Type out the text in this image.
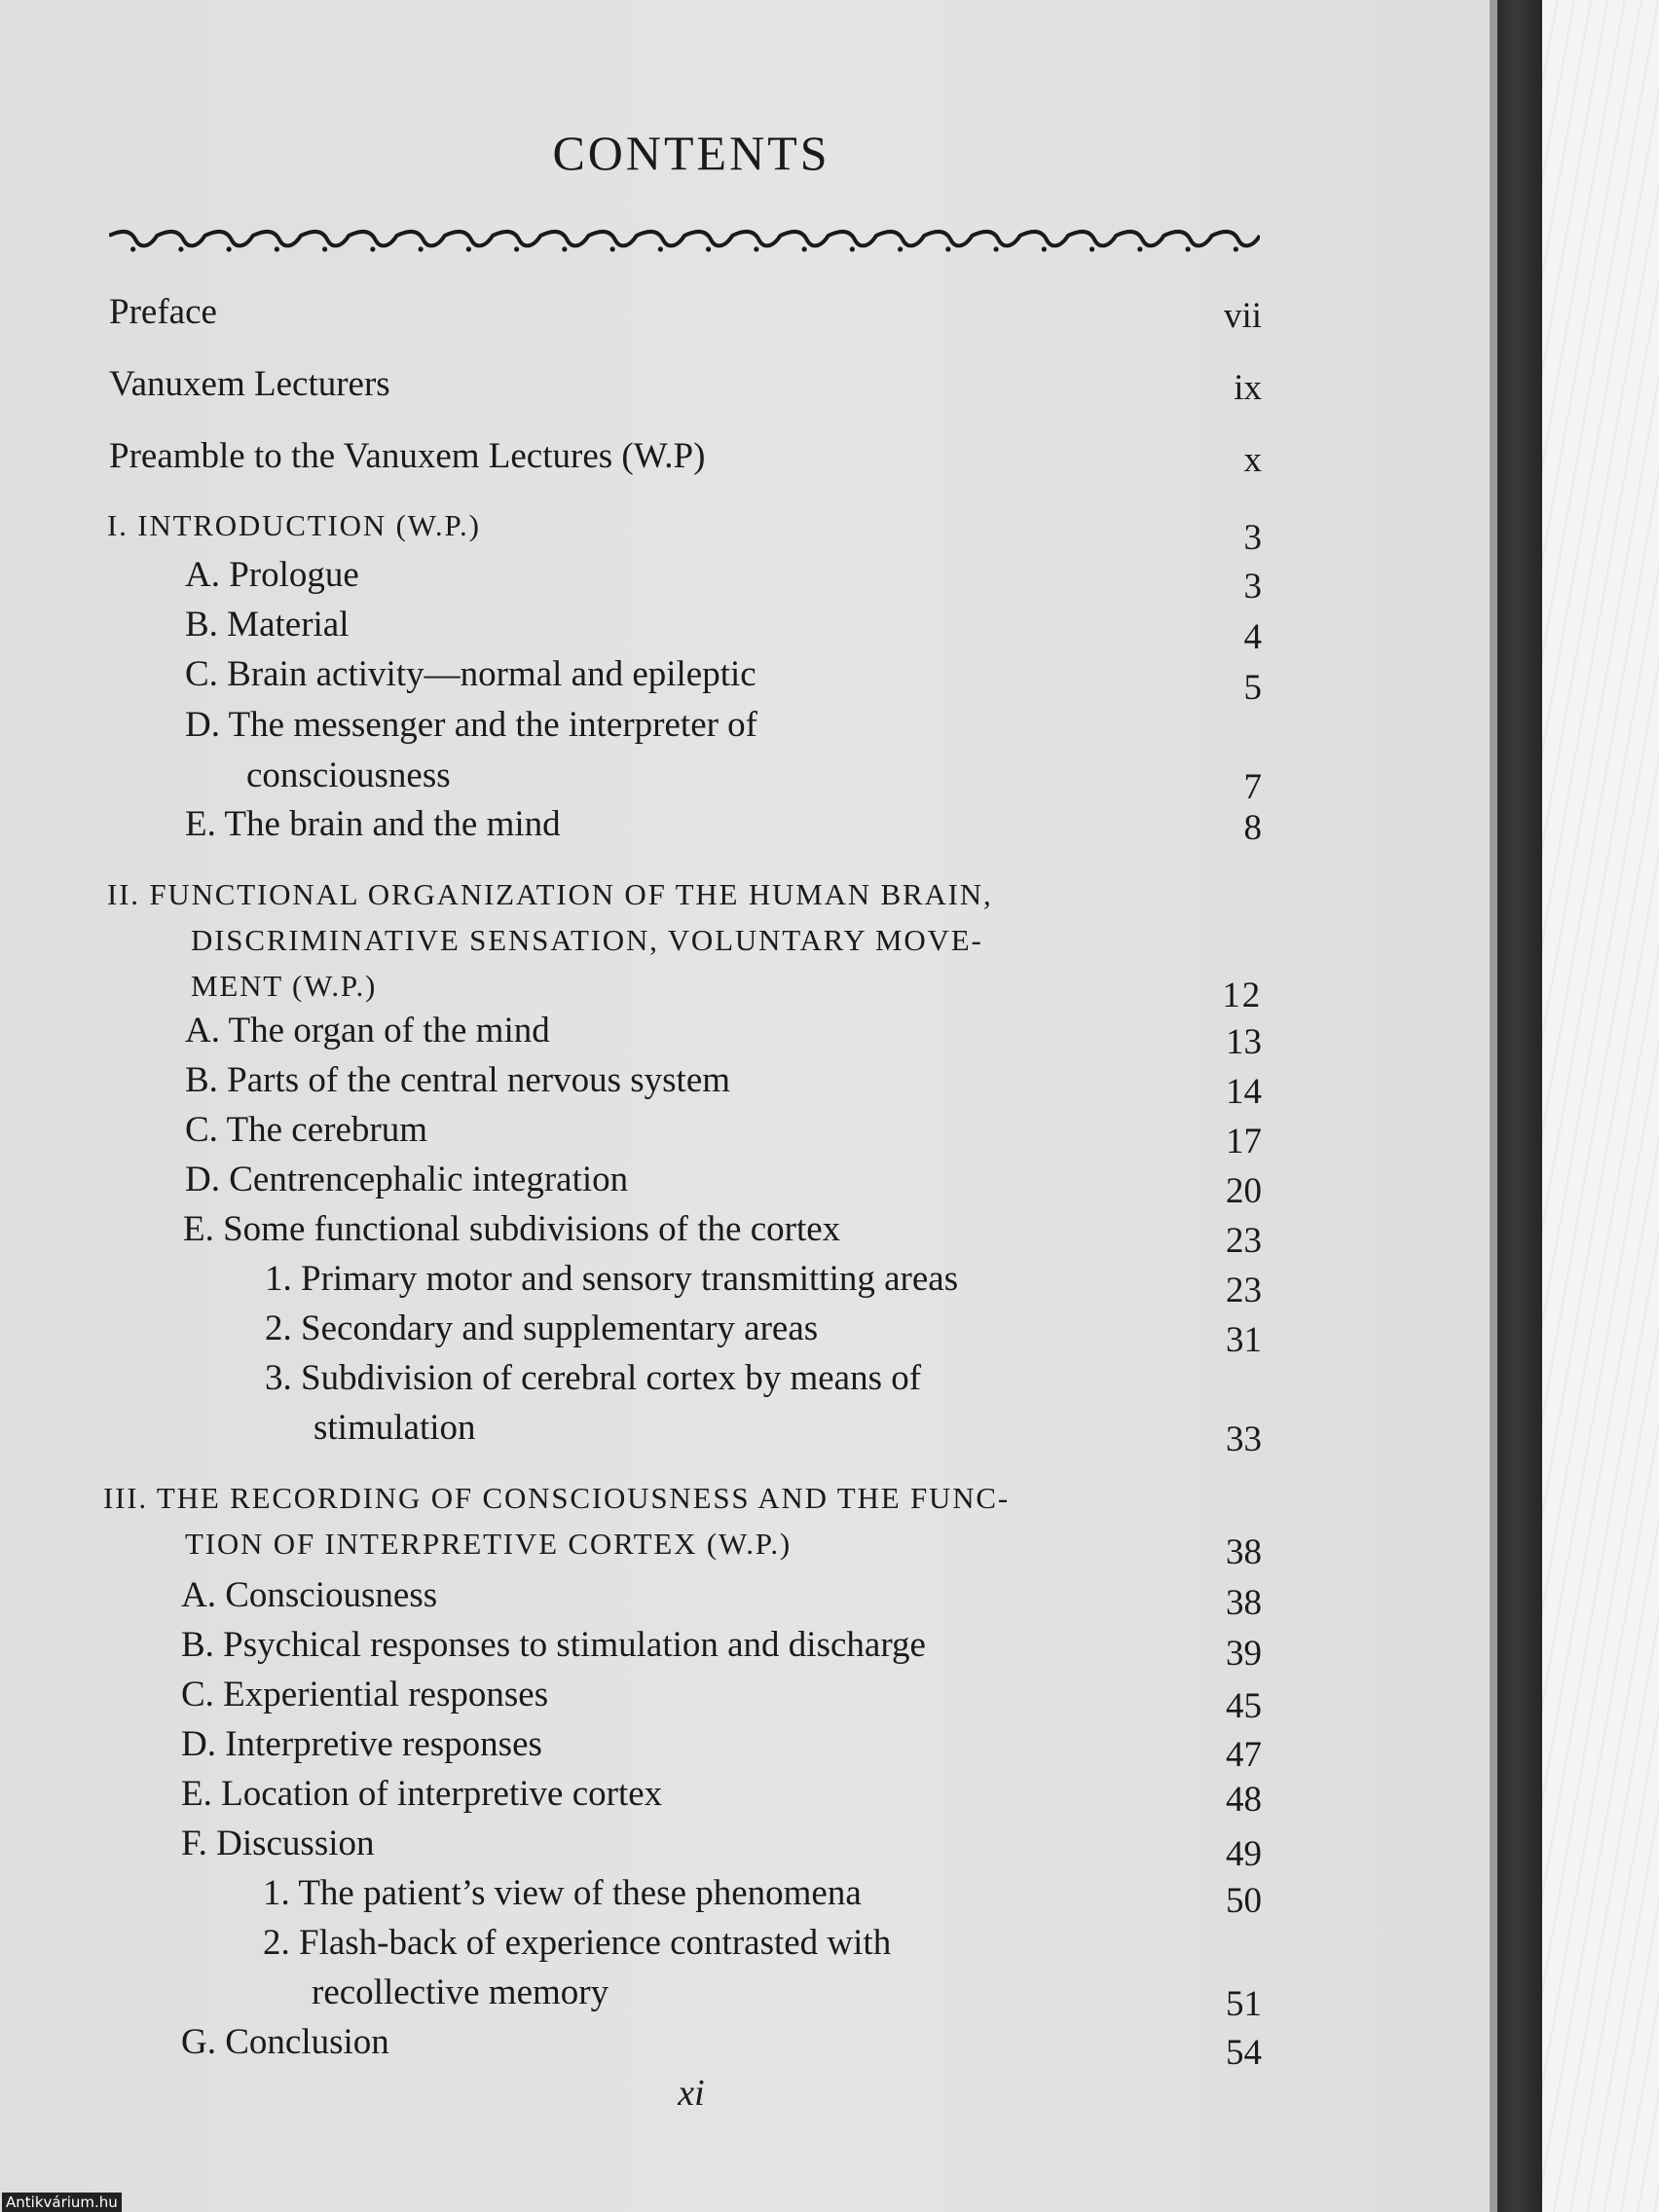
CONTENTS
Preface	vii
Vanuxem Lecturers	ix
Preamble to the Vanuxem Lectures (W.P)	x
I. INTRODUCTION (W.P.)	3
A. Prologue	3
B. Material	4
C. Brain activity—normal and epileptic	5
D. The messenger and the interpreter of
consciousness	7
E. The brain and the mind	8
II. FUNCTIONAL ORGANIZATION OF THE HUMAN BRAIN,
DISCRIMINATIVE SENSATION, VOLUNTARY MOVE-
MENT (W.P.)	12
A. The organ of the mind	13
B. Parts of the central nervous system	14
C. The cerebrum	17
D. Centrencephalic integration	20
E. Some functional subdivisions of the cortex	23
1. Primary motor and sensory transmitting areas	23
2. Secondary and supplementary areas	31
3. Subdivision of cerebral cortex by means of
stimulation	33
III. THE RECORDING OF CONSCIOUSNESS AND THE FUNC-
TION OF INTERPRETIVE CORTEX (W.P.)	38
A. Consciousness	38
B. Psychical responses to stimulation and discharge	39
C. Experiential responses	45
D. Interpretive responses	47
E. Location of interpretive cortex	48
F. Discussion	49
1. The patient’s view of these phenomena	50
2. Flash-back of experience contrasted with
recollective memory	51
G. Conclusion	54
xi
Antikvárium.hu
